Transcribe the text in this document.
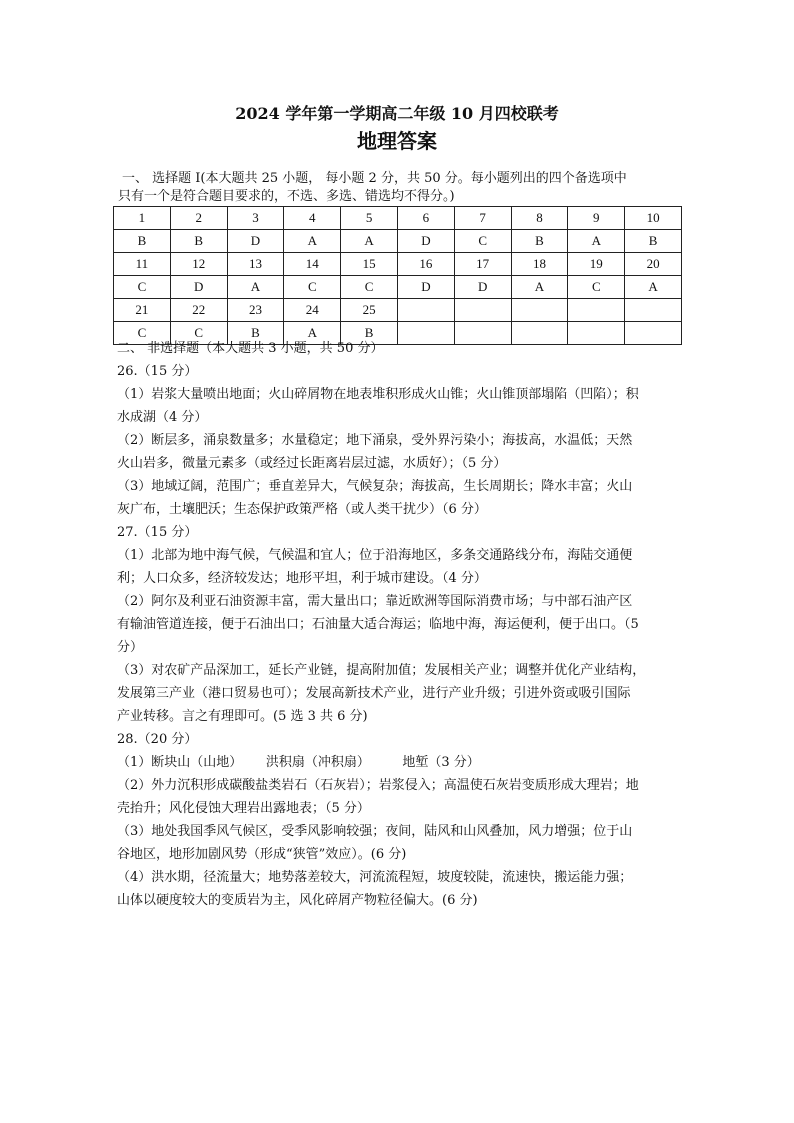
2024 学年第一学期高二年级 10 月四校联考
地理答案
一、 选择题 I(本大题共 25 小题， 每小题 2 分，共 50 分。每小题列出的四个备选项中
只有一个是符合题目要求的，不选、多选、错选均不得分。)
1	2	3	4	5	6	7	8	9	10
B	B	D	A	A	D	C	B	A	B
11	12	13	14	15	16	17	18	19	20
C	D	A	C	C	D	D	A	C	A
21	22	23	24	25					
C	C	B	A	B					

二、 非选择题（本大题共 3 小题，共 50 分）

26.（15 分）

（1）岩浆大量喷出地面；火山碎屑物在地表堆积形成火山锥；火山锥顶部塌陷（凹陷）；积

水成湖（4 分）

（2）断层多，涌泉数量多；水量稳定；地下涌泉，受外界污染小；海拔高，水温低；天然

火山岩多，微量元素多（或经过长距离岩层过滤，水质好）；（5 分）

（3）地域辽阔，范围广；垂直差异大，气候复杂；海拔高，生长周期长；降水丰富；火山

灰广布，土壤肥沃；生态保护政策严格（或人类干扰少）（6 分）

27.（15 分）

（1）北部为地中海气候，气候温和宜人；位于沿海地区，多条交通路线分布，海陆交通便

利；人口众多，经济较发达；地形平坦，利于城市建设。（4 分）

（2）阿尔及利亚石油资源丰富，需大量出口；靠近欧洲等国际消费市场；与中部石油产区

有输油管道连接，便于石油出口；石油量大适合海运；临地中海，海运便利，便于出口。（5

分）

（3）对农矿产品深加工，延长产业链，提高附加值；发展相关产业；调整并优化产业结构，

发展第三产业（港口贸易也可）；发展高新技术产业，进行产业升级；引进外资或吸引国际

产业转移。言之有理即可。(5 选 3 共 6 分)

28.（20 分）

（1）断块山（山地）　　 洪积扇（冲积扇）　　　地堑（3 分）

（2）外力沉积形成碳酸盐类岩石（石灰岩）；岩浆侵入；高温使石灰岩变质形成大理岩；地

壳抬升；风化侵蚀大理岩出露地表；（5 分）

（3）地处我国季风气候区，受季风影响较强；夜间，陆风和山风叠加，风力增强；位于山

谷地区，地形加剧风势（形成“狭管”效应）。(6 分)

（4）洪水期，径流量大；地势落差较大，河流流程短，坡度较陡，流速快，搬运能力强；

山体以硬度较大的变质岩为主，风化碎屑产物粒径偏大。(6 分)
